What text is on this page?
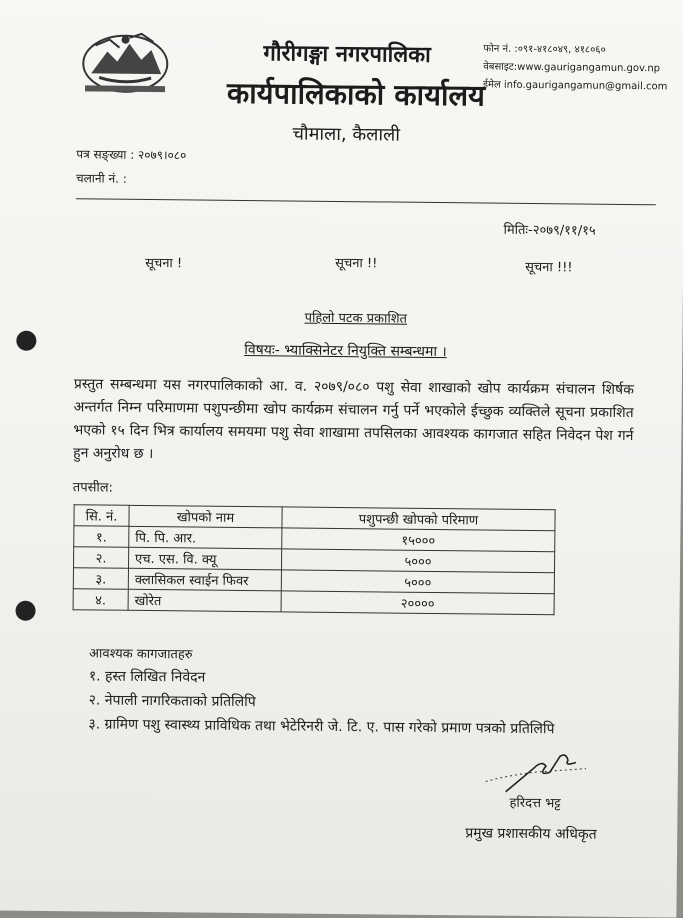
गौरीगङ्गा नगरपालिका
कार्यपालिकाको कार्यालय
चौमाला, कैलाली
फोन नं. :०९१-४१८०४९, ४१८०६०
वेबसाइट:www.gaurigangamun.gov.np
ईमेल info.gaurigangamun@gmail.com
पत्र सङ्ख्या : २०७९।०८०
चलानी नं. :
मितिः-२०७९/११/१५
सूचना !	सूचना !!	सूचना !!!
पहिलो पटक प्रकाशित
विषयः- भ्याक्सिनेटर नियुक्ति सम्बन्धमा ।
प्रस्तुत सम्बन्धमा यस नगरपालिकाको आ. व. २०७९/०८० पशु सेवा शाखाको खोप कार्यक्रम संचालन शिर्षक अन्तर्गत निम्न परिमाणमा पशुपन्छीमा खोप कार्यक्रम संचालन गर्नु पर्ने भएकोले ईच्छुक व्यक्तिले सूचना प्रकाशित भएको १५ दिन भित्र कार्यालय समयमा पशु सेवा शाखामा तपसिलका आवश्यक कागजात सहित निवेदन पेश गर्न हुन अनुरोध छ ।
तपसील:
सि. नं.	खोपको नाम	पशुपन्छी खोपको परिमाण
१.	पि. पि. आर.	१५०००
२.	एच. एस. वि. क्यू	५०००
३.	क्लासिकल स्वाईन फिवर	५०००
४.	खोरेत	२००००
आवश्यक कागजातहरु
१. हस्त लिखित निवेदन
२. नेपाली नागरिकताको प्रतिलिपि
३. ग्रामिण पशु स्वास्थ्य प्राविधिक तथा भेटेरिनरी जे. टि. ए. पास गरेको प्रमाण पत्रको प्रतिलिपि
हरिदत्त भट्ट
प्रमुख प्रशासकीय अधिकृत
